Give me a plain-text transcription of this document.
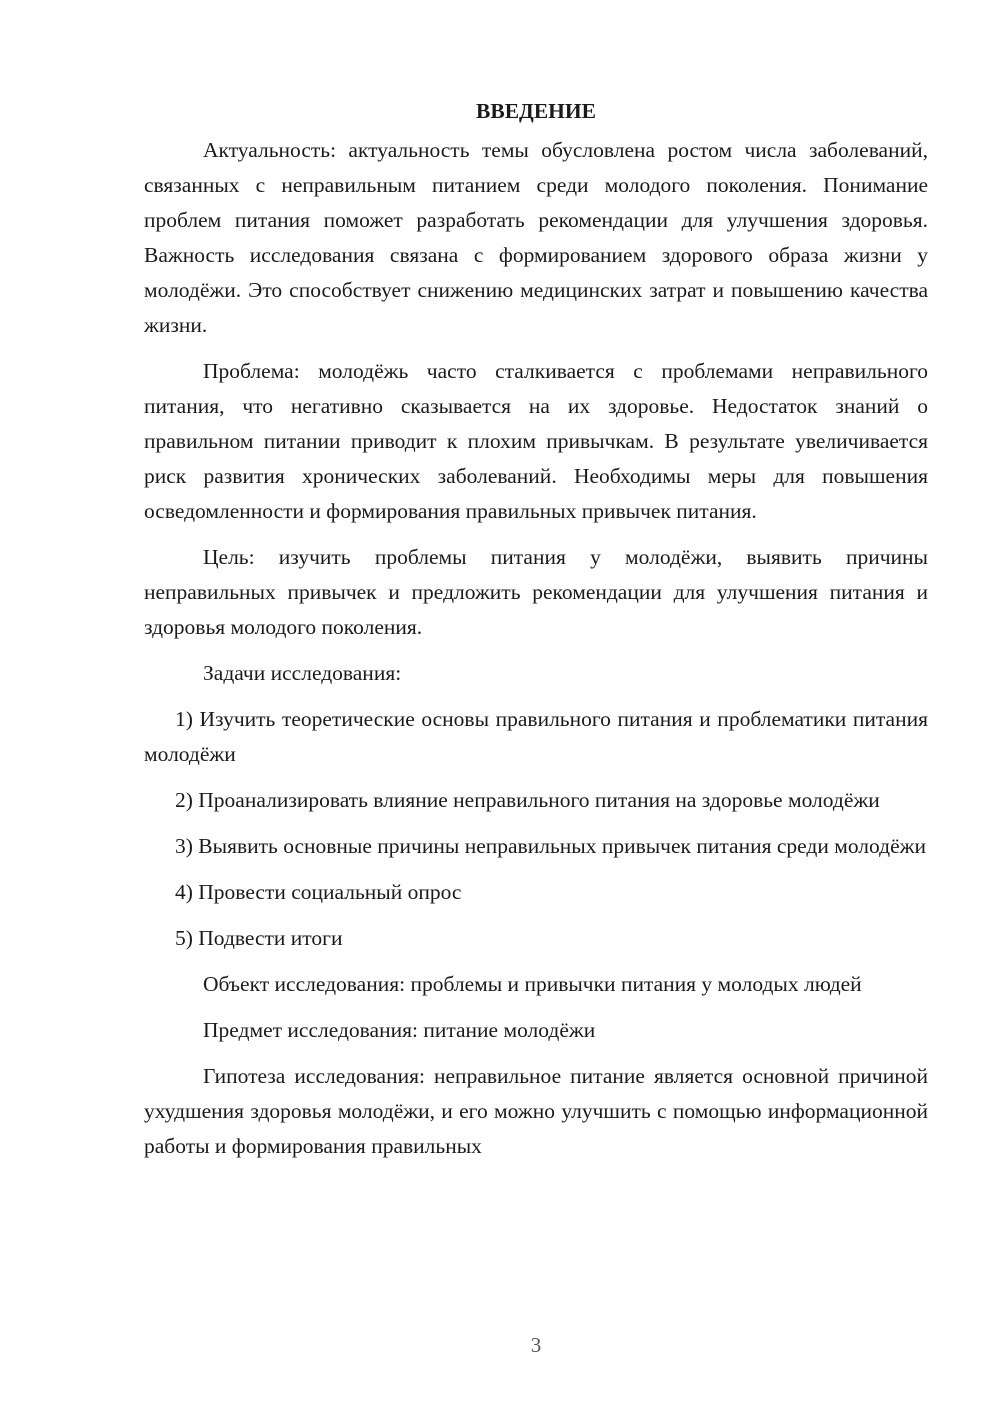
ВВЕДЕНИЕ

Актуальность: актуальность темы обусловлена ростом числа заболеваний, связанных с неправильным питанием среди молодого поколения. Понимание проблем питания поможет разработать рекомендации для улучшения здоровья. Важность исследования связана с формированием здорового образа жизни у молодёжи. Это способствует снижению медицинских затрат и повышению качества жизни.

Проблема: молодёжь часто сталкивается с проблемами неправильного питания, что негативно сказывается на их здоровье. Недостаток знаний о правильном питании приводит к плохим привычкам. В результате увеличивается риск развития хронических заболеваний. Необходимы меры для повышения осведомленности и формирования правильных привычек питания.

Цель: изучить проблемы питания у молодёжи, выявить причины неправильных привычек и предложить рекомендации для улучшения питания и здоровья молодого поколения.

Задачи исследования:

1) Изучить теоретические основы правильного питания и проблематики питания молодёжи

2) Проанализировать влияние неправильного питания на здоровье молодёжи

3) Выявить основные причины неправильных привычек питания среди молодёжи

4) Провести социальный опрос

5) Подвести итоги

Объект исследования: проблемы и привычки питания у молодых людей

Предмет исследования: питание молодёжи

Гипотеза исследования: неправильное питание является основной причиной ухудшения здоровья молодёжи, и его можно улучшить с помощью информационной работы и формирования правильных

3
